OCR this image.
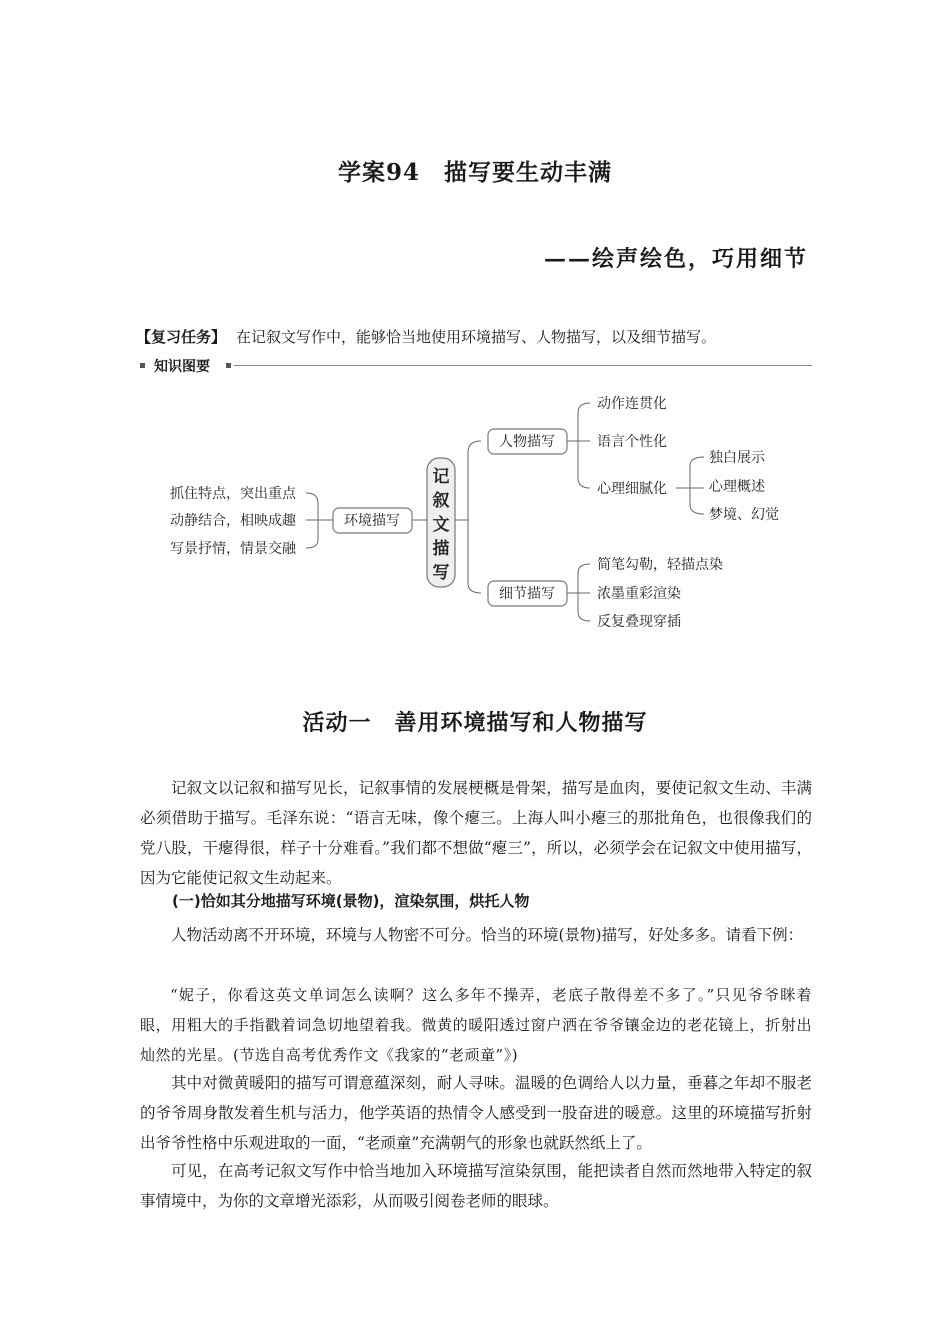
学案94　描写要生动丰满
——绘声绘色，巧用细节
【复习任务】 在记叙文写作中，能够恰当地使用环境描写、人物描写，以及细节描写。
知识图要
环境描写
人物描写
细节描写
抓住特点，突出重点
动静结合，相映成趣
写景抒情，情景交融
动作连贯化
语言个性化
心理细腻化
独白展示
心理概述
梦境、幻觉
简笔勾勒，轻描点染
浓墨重彩渲染
反复叠现穿插
记叙文描写
活动一　善用环境描写和人物描写

记叙文以记叙和描写见长，记叙事情的发展梗概是骨架，描写是血肉，要使记叙文生动、丰满必须借助于描写。毛泽东说：“语言无味，像个瘪三。上海人叫小瘪三的那批角色，也很像我们的党八股，干瘪得很，样子十分难看。”我们都不想做“瘪三”，所以，必须学会在记叙文中使用描写，因为它能使记叙文生动起来。

(一)恰如其分地描写环境(景物)，渲染氛围，烘托人物

人物活动离不开环境，环境与人物密不可分。恰当的环境(景物)描写，好处多多。请看下例：

“妮子，你看这英文单词怎么读啊？这么多年不操弄，老底子散得差不多了。”只见爷爷眯着眼，用粗大的手指戳着词急切地望着我。微黄的暖阳透过窗户洒在爷爷镶金边的老花镜上，折射出灿然的光星。(节选自高考优秀作文《我家的“老顽童”》)

其中对微黄暖阳的描写可谓意蕴深刻，耐人寻味。温暖的色调给人以力量，垂暮之年却不服老的爷爷周身散发着生机与活力，他学英语的热情令人感受到一股奋进的暖意。这里的环境描写折射出爷爷性格中乐观进取的一面，“老顽童”充满朝气的形象也就跃然纸上了。

可见，在高考记叙文写作中恰当地加入环境描写渲染氛围，能把读者自然而然地带入特定的叙事情境中，为你的文章增光添彩，从而吸引阅卷老师的眼球。
